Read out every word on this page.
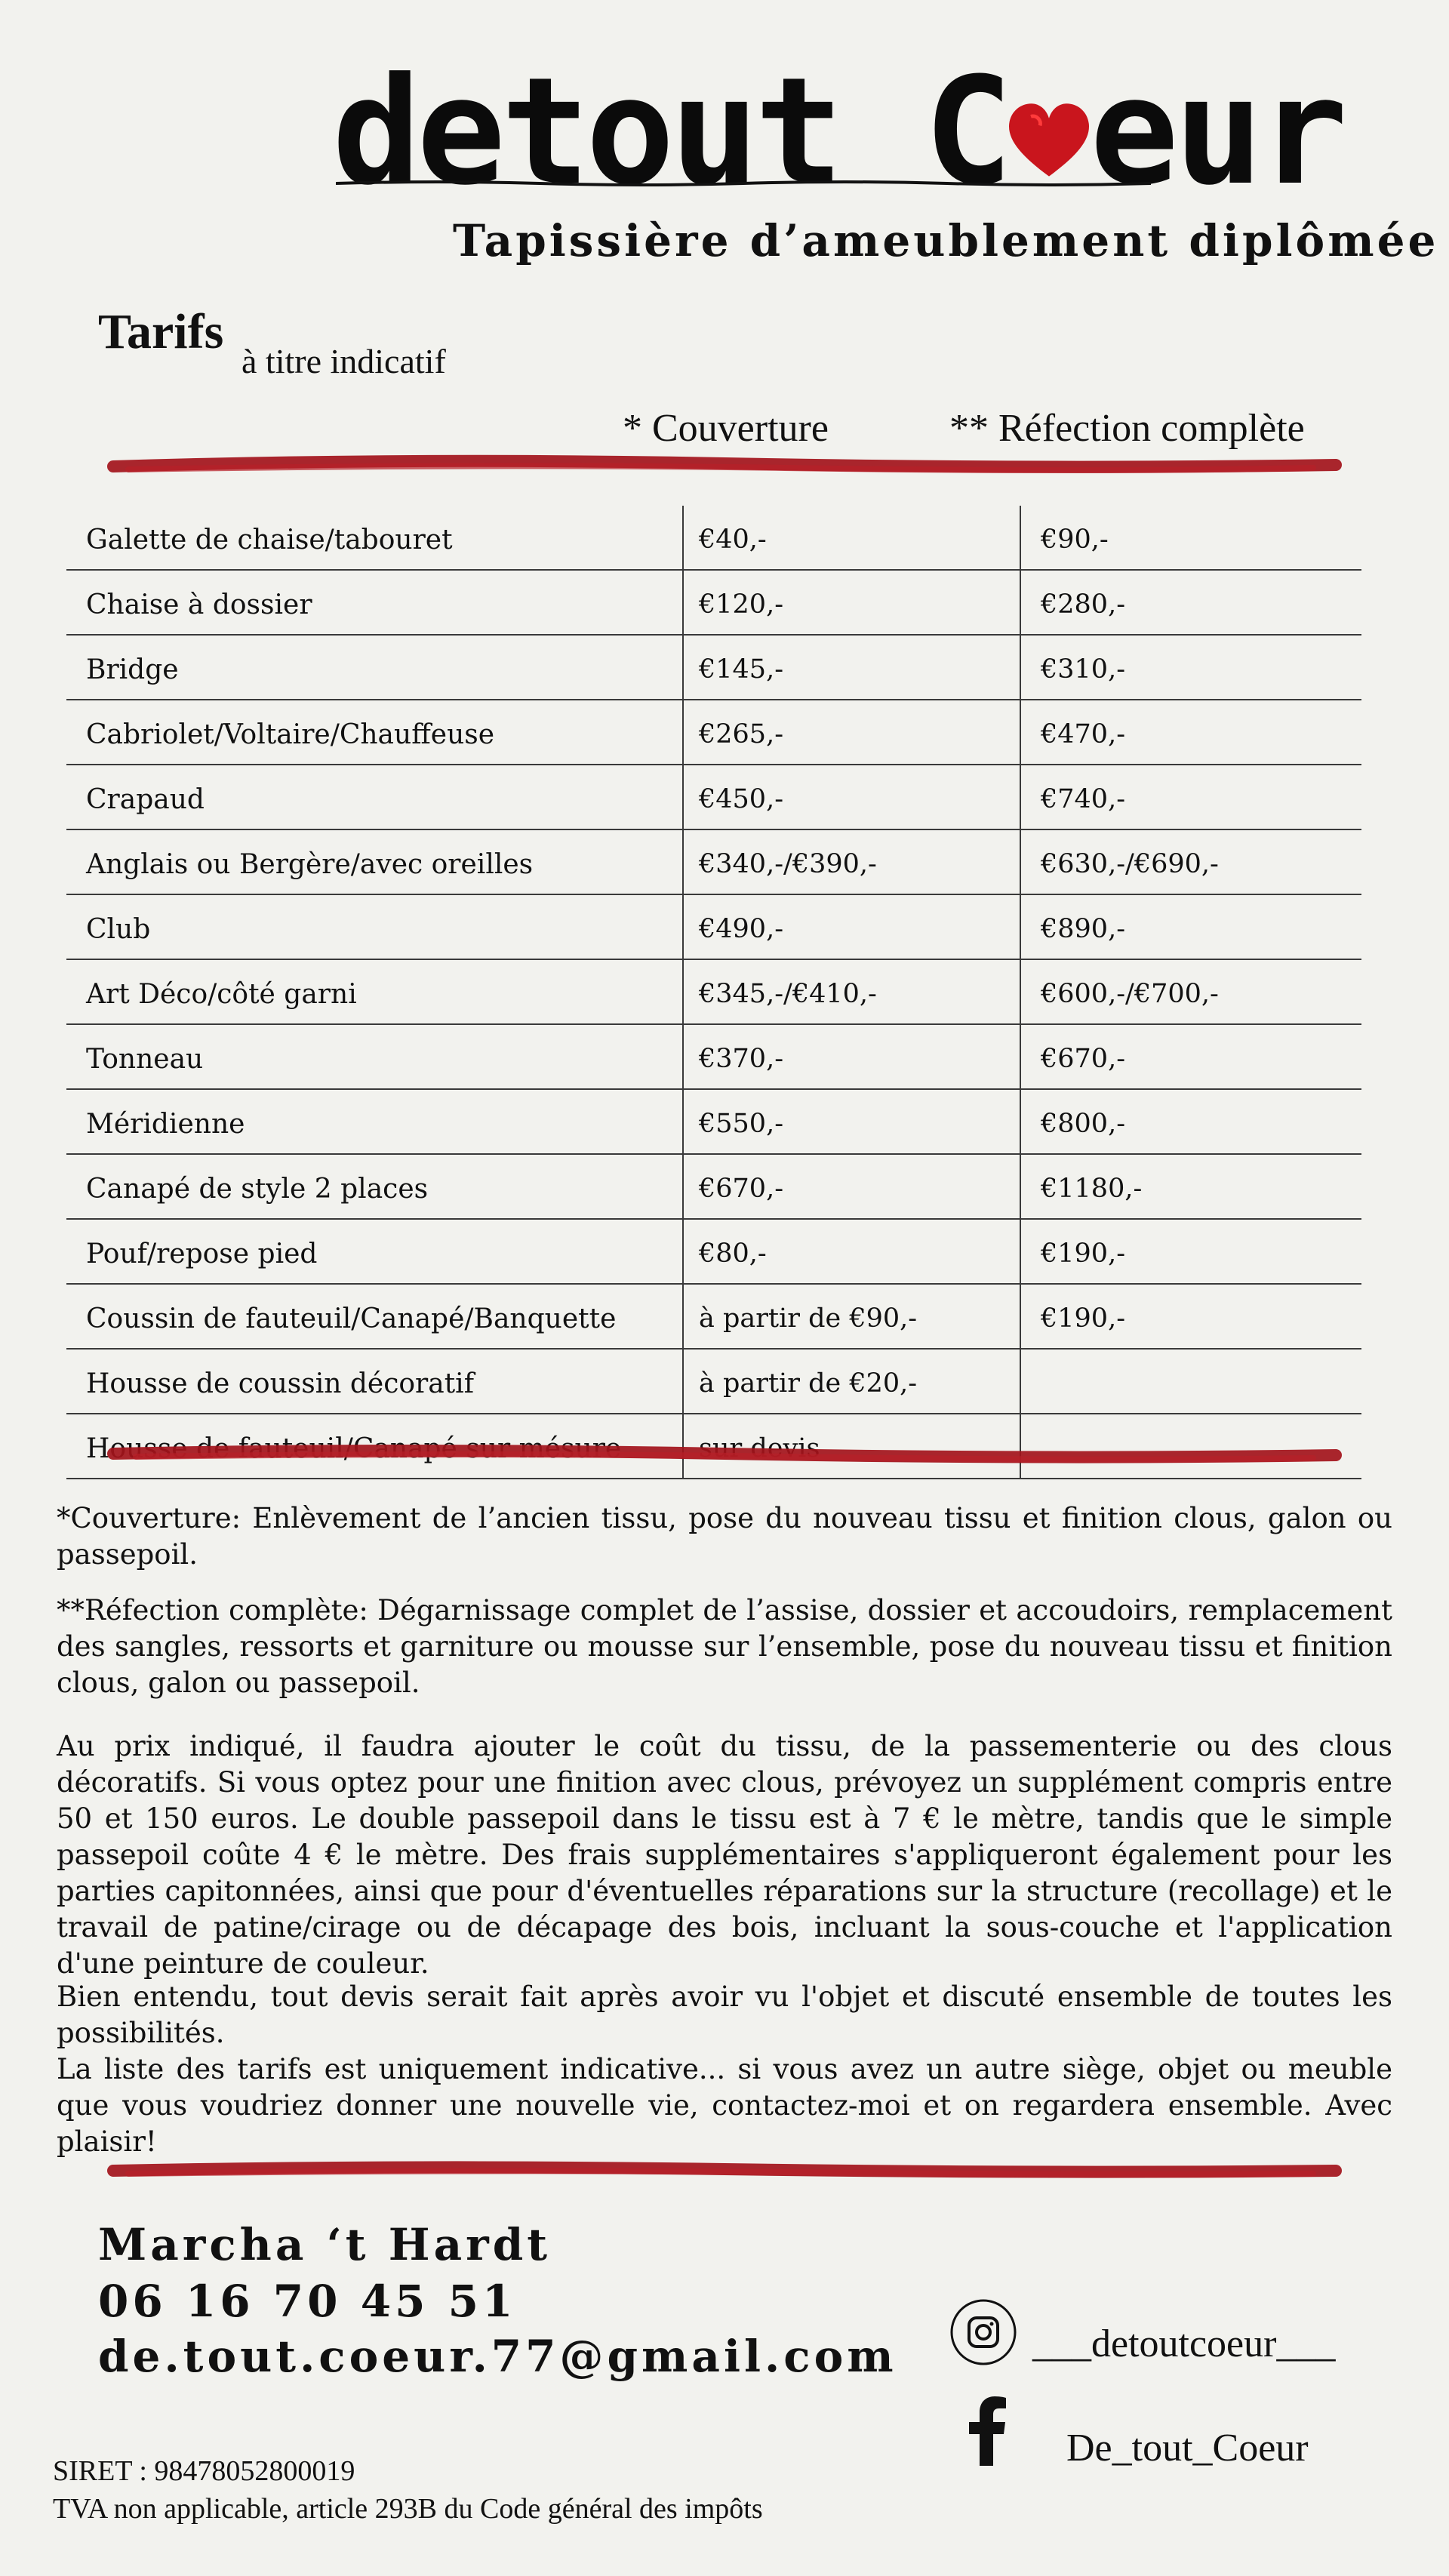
detout C eur
Tapissière d’ameublement diplômée
Tarifs
à titre indicatif
* Couverture	** Réfection complète
Galette de chaise/tabouret	€40,-	€90,-
Chaise à dossier	€120,-	€280,-
Bridge	€145,-	€310,-
Cabriolet/Voltaire/Chauffeuse	€265,-	€470,-
Crapaud	€450,-	€740,-
Anglais ou Bergère/avec oreilles	€340,-/€390,-	€630,-/€690,-
Club	€490,-	€890,-
Art Déco/côté garni	€345,-/€410,-	€600,-/€700,-
Tonneau	€370,-	€670,-
Méridienne	€550,-	€800,-
Canapé de style 2 places	€670,-	€1180,-
Pouf/repose pied	€80,-	€190,-
Coussin de fauteuil/Canapé/Banquette	à partir de €90,-	€190,-
Housse de coussin décoratif	à partir de €20,-	
Housse de fauteuil/Canapé sur mésure	sur devis	
*Couverture: Enlèvement de l’ancien tissu, pose du nouveau tissu et finition clous, galon ou passepoil.
**Réfection complète: Dégarnissage complet de l’assise, dossier et accoudoirs, remplacement des sangles, ressorts et garniture ou mousse sur l’ensemble, pose du nouveau tissu et finition clous, galon ou passepoil.
Au prix indiqué, il faudra ajouter le coût du tissu, de la passementerie ou des clous décoratifs. Si vous optez pour une finition avec clous, prévoyez un supplément compris entre 50 et 150 euros. Le double passepoil dans le tissu est à 7 € le mètre, tandis que le simple passepoil coûte 4 € le mètre. Des frais supplémentaires s'appliqueront également pour les parties capitonnées, ainsi que pour d'éventuelles réparations sur la structure (recollage) et le travail de patine/cirage ou de décapage des bois, incluant la sous-couche et l'application d'une peinture de couleur.
Bien entendu, tout devis serait fait après avoir vu l'objet et discuté ensemble de toutes les possibilités.
La liste des tarifs est uniquement indicative... si vous avez un autre siège, objet ou meuble que vous voudriez donner une nouvelle vie, contactez-moi et on regardera ensemble. Avec plaisir!
Marcha ‘t Hardt
06 16 70 45 51
de.tout.coeur.77@gmail.com	___detoutcoeur___
De_tout_Coeur
SIRET : 98478052800019
TVA non applicable, article 293B du Code général des impôts
